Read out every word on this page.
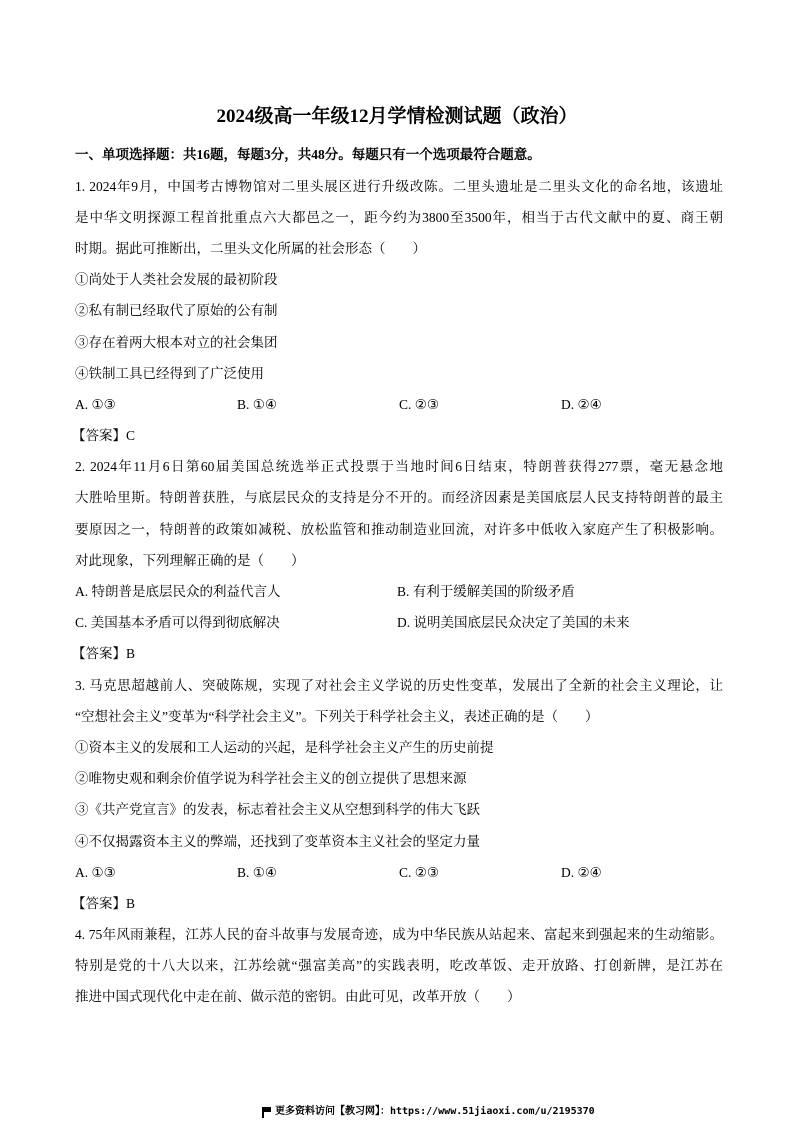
2024级高一年级12月学情检测试题（政治）
一、单项选择题：共16题，每题3分，共48分。每题只有一个选项最符合题意。
1. 2024年9月，中国考古博物馆对二里头展区进行升级改陈。二里头遗址是二里头文化的命名地，该遗址
是中华文明探源工程首批重点六大都邑之一，距今约为3800至3500年，相当于古代文献中的夏、商王朝
时期。据此可推断出，二里头文化所属的社会形态（　　）
①尚处于人类社会发展的最初阶段
②私有制已经取代了原始的公有制
③存在着两大根本对立的社会集团
④铁制工具已经得到了广泛使用
A. ①③	B. ①④	C. ②③	D. ②④
【答案】C
2. 2024年11月6日第60届美国总统选举正式投票于当地时间6日结束，特朗普获得277票，毫无悬念地
大胜哈里斯。特朗普获胜，与底层民众的支持是分不开的。而经济因素是美国底层人民支持特朗普的最主
要原因之一，特朗普的政策如减税、放松监管和推动制造业回流，对许多中低收入家庭产生了积极影响。
对此现象，下列理解正确的是（　　）
A. 特朗普是底层民众的利益代言人	B. 有利于缓解美国的阶级矛盾
C. 美国基本矛盾可以得到彻底解决	D. 说明美国底层民众决定了美国的未来
【答案】B
3. 马克思超越前人、突破陈规，实现了对社会主义学说的历史性变革，发展出了全新的社会主义理论，让
“空想社会主义”变革为“科学社会主义”。下列关于科学社会主义，表述正确的是（　　）
①资本主义的发展和工人运动的兴起，是科学社会主义产生的历史前提
②唯物史观和剩余价值学说为科学社会主义的创立提供了思想来源
③《共产党宣言》的发表，标志着社会主义从空想到科学的伟大飞跃
④不仅揭露资本主义的弊端，还找到了变革资本主义社会的坚定力量
A. ①③	B. ①④	C. ②③	D. ②④
【答案】B
4. 75年风雨兼程，江苏人民的奋斗故事与发展奇迹，成为中华民族从站起来、富起来到强起来的生动缩影。
特别是党的十八大以来，江苏绘就“强富美高”的实践表明，吃改革饭、走开放路、打创新牌，是江苏在
推进中国式现代化中走在前、做示范的密钥。由此可见，改革开放（　　）
更多资料访问【教习网】： https://www.51jiaoxi.com/u/2195370
